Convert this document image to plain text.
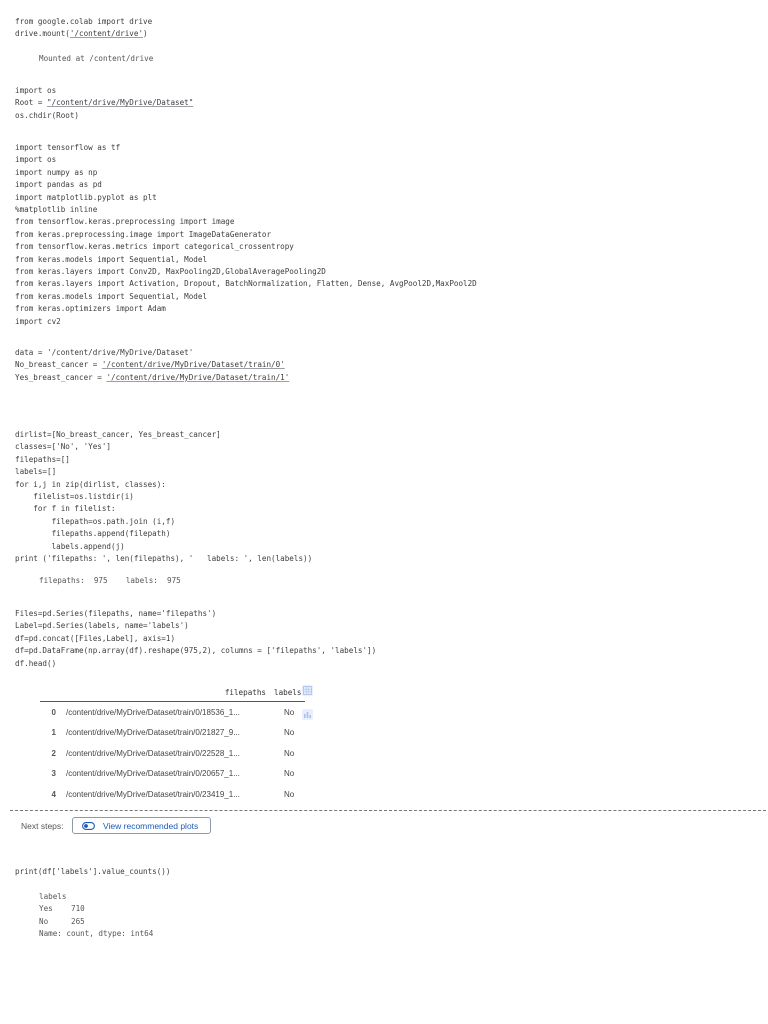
from google.colab import drive
drive.mount('/content/drive')
Mounted at /content/drive
import os
Root = "/content/drive/MyDrive/Dataset"
os.chdir(Root)
import tensorflow as tf
import os
import numpy as np
import pandas as pd
import matplotlib.pyplot as plt
%matplotlib inline
from tensorflow.keras.preprocessing import image
from keras.preprocessing.image import ImageDataGenerator
from tensorflow.keras.metrics import categorical_crossentropy
from keras.models import Sequential, Model
from keras.layers import Conv2D, MaxPooling2D,GlobalAveragePooling2D
from keras.layers import Activation, Dropout, BatchNormalization, Flatten, Dense, AvgPool2D,MaxPool2D
from keras.models import Sequential, Model
from keras.optimizers import Adam
import cv2
data = '/content/drive/MyDrive/Dataset'
No_breast_cancer = '/content/drive/MyDrive/Dataset/train/0'
Yes_breast_cancer = '/content/drive/MyDrive/Dataset/train/1'
dirlist=[No_breast_cancer, Yes_breast_cancer]
classes=['No', 'Yes']
filepaths=[]
labels=[]
for i,j in zip(dirlist, classes):
filelist=os.listdir(i)
for f in filelist:
filepath=os.path.join (i,f)
filepaths.append(filepath)
labels.append(j)
print ('filepaths: ', len(filepaths), '   labels: ', len(labels))
filepaths:  975    labels:  975
Files=pd.Series(filepaths, name='filepaths')
Label=pd.Series(labels, name='labels')
df=pd.concat([Files,Label], axis=1)
df=pd.DataFrame(np.array(df).reshape(975,2), columns = ['filepaths', 'labels'])
df.head()
	filepaths	labels
0	/content/drive/MyDrive/Dataset/train/0/18536_1...	No
1	/content/drive/MyDrive/Dataset/train/0/21827_9...	No
2	/content/drive/MyDrive/Dataset/train/0/22528_1...	No
3	/content/drive/MyDrive/Dataset/train/0/20657_1...	No
4	/content/drive/MyDrive/Dataset/train/0/23419_1...	No
Next steps:	View recommended plots
print(df['labels'].value_counts())
labels
Yes    710
No     265
Name: count, dtype: int64
